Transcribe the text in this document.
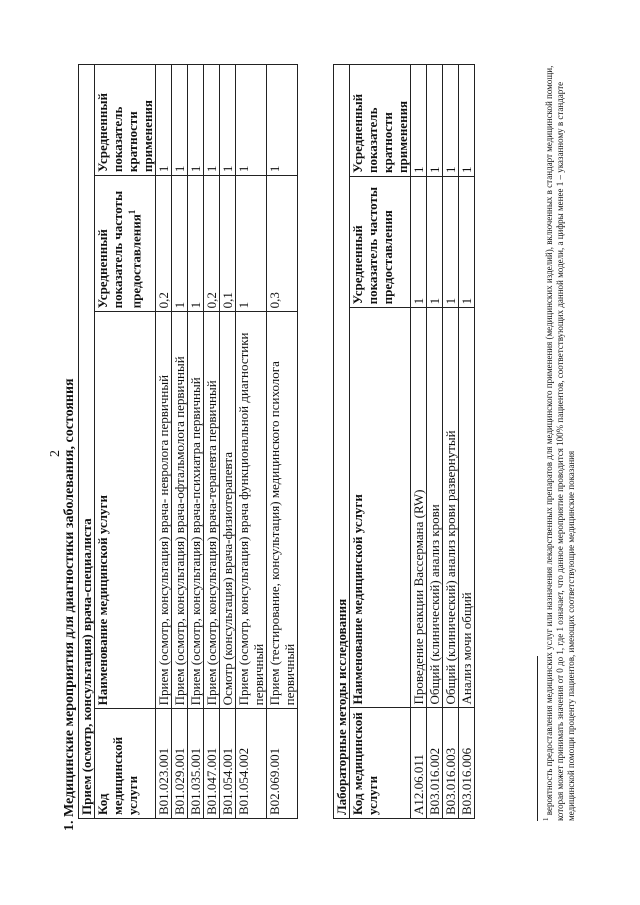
2 1. Медицинские мероприятия для диагностики заболевания, состояния Прием (осмотр, консультация) врача-специалиста			
Код медицинской услуги	Наименование медицинской услуги	Усредненный показатель частоты предоставления$^1$	Усредненный показатель кратности применения
B01.023.001	Прием (осмотр, консультация) врача- невролога первичный	0,2	1
B01.029.001	Прием (осмотр, консультация) врача-офтальмолога первичный	1	1
B01.035.001	Прием (осмотр, консультация) врача-психиатра первичный	1	1
B01.047.001	Прием (осмотр, консультация) врача-терапевта первичный	0,2	1
B01.054.001	Осмотр (консультация) врача-физиотерапевта	0,1	1
B01.054.002	Прием (осмотр, консультация) врача функциональной диагностики первичный	1	1
B02.069.001	Прием (тестирование, консультация) медицинского психолога первичный	0,3	1
Лабораторные методы исследования			
Код медицинской услуги	Наименование медицинской услуги	Усредненный показатель частоты предоставления	Усредненный показатель кратности применения
A12.06.011	Проведение реакции Вассермана (RW)	1	1
B03.016.002	Общий (клинический) анализ крови	1	1
B03.016.003	Общий (клинический) анализ крови развернутый	1	1
B03.016.006	Анализ мочи общий	1	1
$^1$ вероятность предоставления медицинских услуг или назначения лекарственных препаратов для медицинского применения (медицинских изделий), включенных в стандарт медицинской помощи, которая может принимать значения от 0 до 1, где 1 означает, что данное мероприятие проводится 100% пациентов, соответствующих данной модели, а цифры менее 1 – указанному в стандарте медицинской помощи проценту пациентов, имеющих соответствующие медицинские показания
